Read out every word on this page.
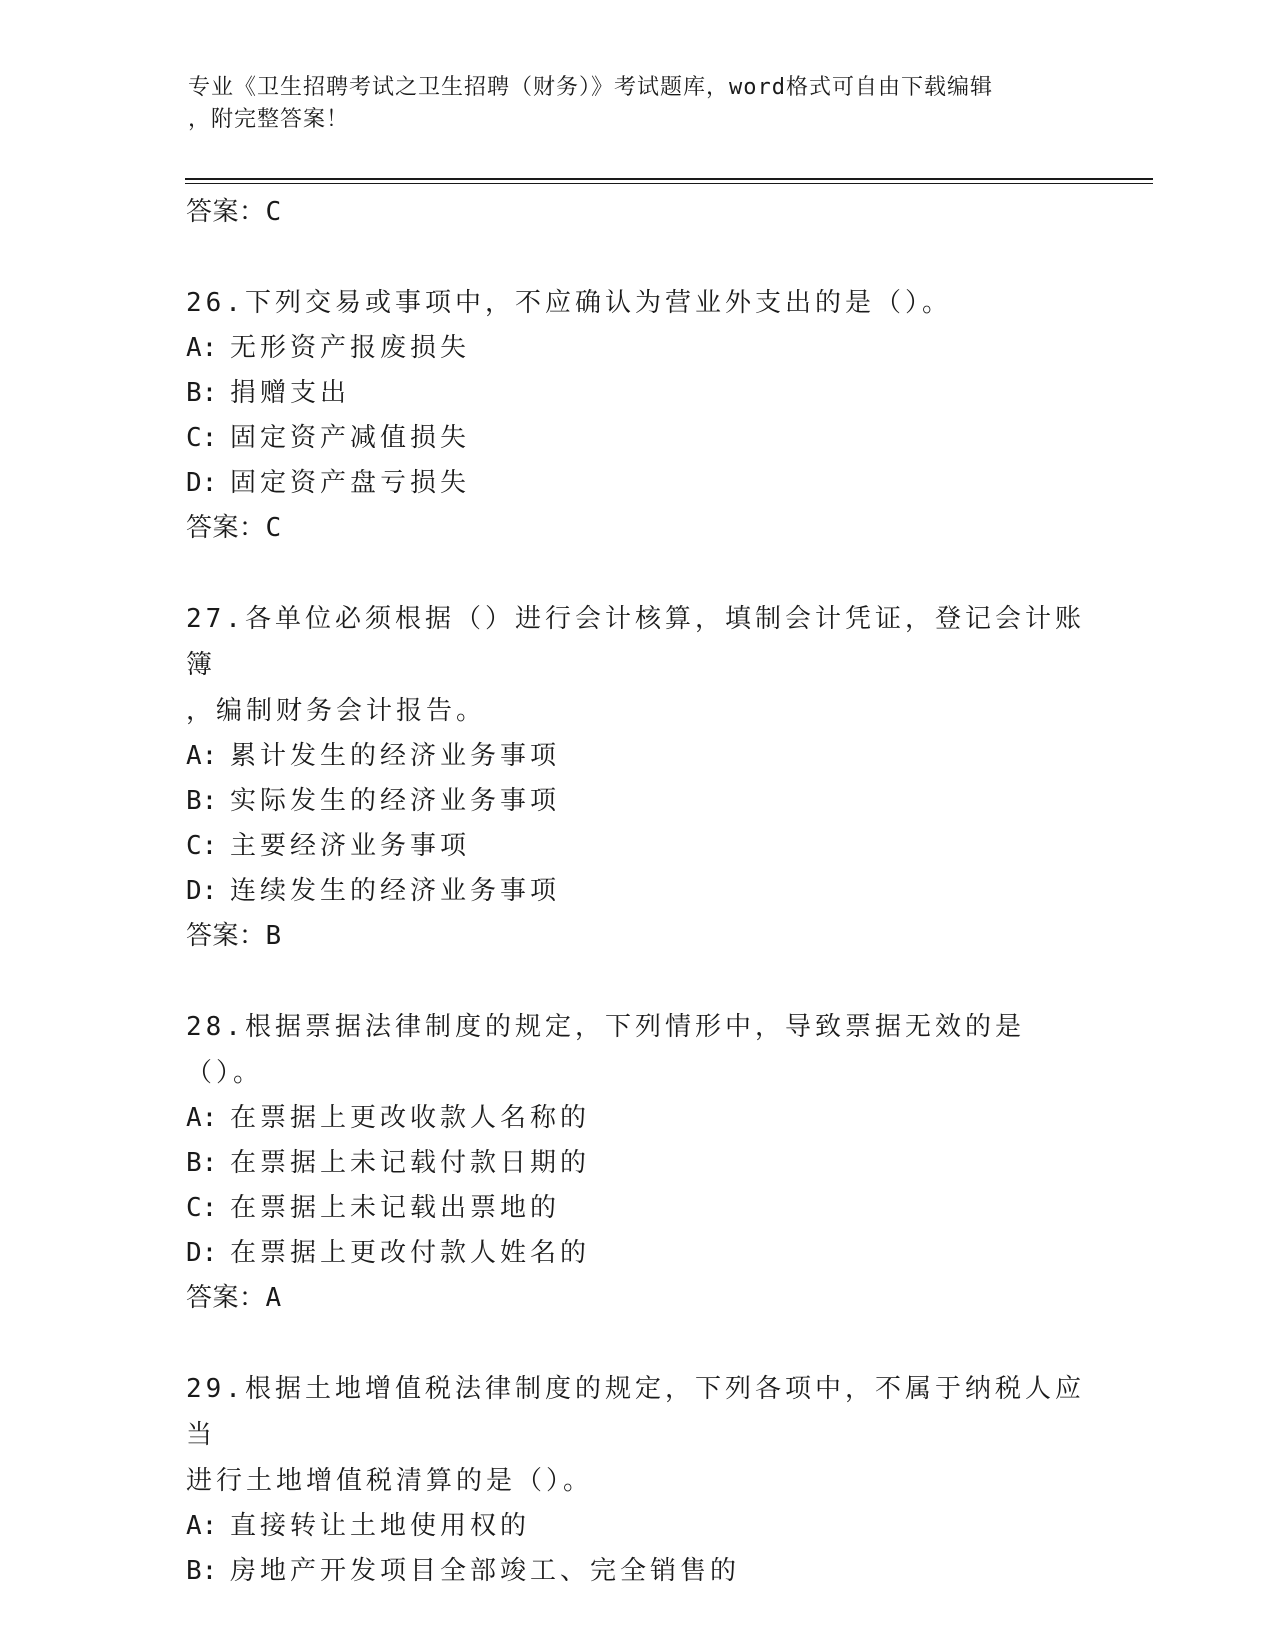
专业《卫生招聘考试之卫生招聘（财务）》考试题库，word格式可自由下载编辑
，附完整答案！
答案：C
26.下列交易或事项中，不应确认为营业外支出的是（）。
A: 无形资产报废损失
B: 捐赠支出
C: 固定资产减值损失
D: 固定资产盘亏损失
答案：C
27.各单位必须根据（）进行会计核算，填制会计凭证，登记会计账簿
，编制财务会计报告。
A: 累计发生的经济业务事项
B: 实际发生的经济业务事项
C: 主要经济业务事项
D: 连续发生的经济业务事项
答案：B
28.根据票据法律制度的规定，下列情形中，导致票据无效的是（）。
A: 在票据上更改收款人名称的
B: 在票据上未记载付款日期的
C: 在票据上未记载出票地的
D: 在票据上更改付款人姓名的
答案：A
29.根据土地增值税法律制度的规定，下列各项中，不属于纳税人应当
进行土地增值税清算的是（）。
A: 直接转让土地使用权的
B: 房地产开发项目全部竣工、完全销售的
